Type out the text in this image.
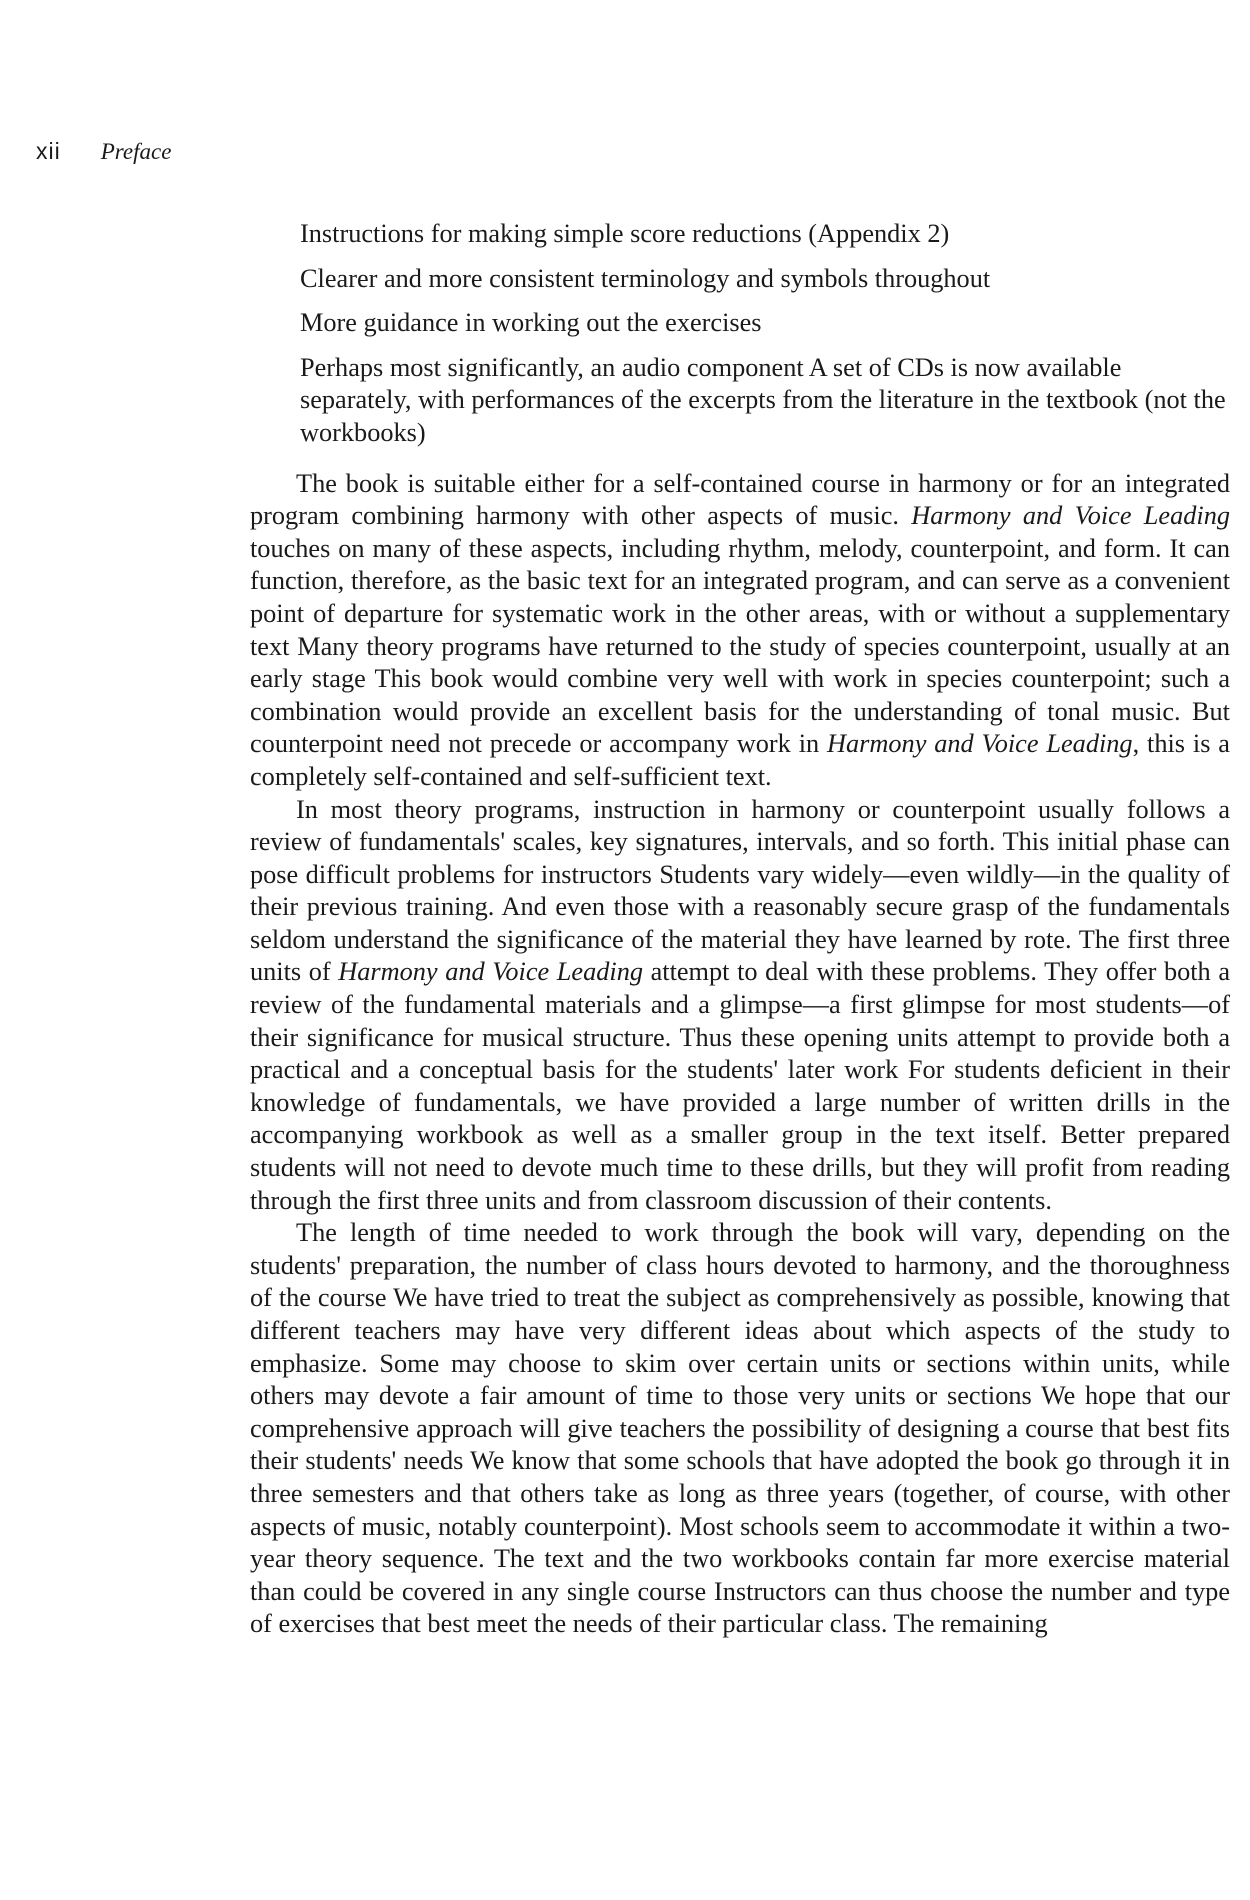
xii Preface
Instructions for making simple score reductions (Appendix 2)
Clearer and more consistent terminology and symbols throughout
More guidance in working out the exercises
Perhaps most significantly, an audio component A set of CDs is now available separately, with performances of the excerpts from the literature in the textbook (not the workbooks)

The book is suitable either for a self-contained course in harmony or for an integrated program combining harmony with other aspects of music. Harmony and Voice Leading touches on many of these aspects, including rhythm, melody, counterpoint, and form. It can function, therefore, as the basic text for an integrated program, and can serve as a convenient point of departure for systematic work in the other areas, with or without a supplementary text Many theory programs have returned to the study of species counterpoint, usually at an early stage This book would combine very well with work in species counterpoint; such a combination would provide an excellent basis for the understanding of tonal music. But counterpoint need not precede or accompany work in Harmony and Voice Leading, this is a completely self-contained and self-sufficient text.

In most theory programs, instruction in harmony or counterpoint usually follows a review of fundamentals' scales, key signatures, intervals, and so forth. This initial phase can pose difficult problems for instructors Students vary widely—even wildly—in the quality of their previous training. And even those with a reasonably secure grasp of the fundamentals seldom understand the significance of the material they have learned by rote. The first three units of Harmony and Voice Leading attempt to deal with these problems. They offer both a review of the fundamental materials and a glimpse—a first glimpse for most students—of their significance for musical structure. Thus these opening units attempt to provide both a practical and a conceptual basis for the students' later work For students deficient in their knowledge of fundamentals, we have provided a large number of written drills in the accompanying workbook as well as a smaller group in the text itself. Better prepared students will not need to devote much time to these drills, but they will profit from reading through the first three units and from classroom discussion of their contents.

The length of time needed to work through the book will vary, depending on the students' preparation, the number of class hours devoted to harmony, and the thoroughness of the course We have tried to treat the subject as comprehensively as possible, knowing that different teachers may have very different ideas about which aspects of the study to emphasize. Some may choose to skim over certain units or sections within units, while others may devote a fair amount of time to those very units or sections We hope that our comprehensive approach will give teachers the possibility of designing a course that best fits their students' needs We know that some schools that have adopted the book go through it in three semesters and that others take as long as three years (together, of course, with other aspects of music, notably counterpoint). Most schools seem to accommodate it within a two-year theory sequence. The text and the two workbooks contain far more exercise material than could be covered in any single course Instructors can thus choose the number and type of exercises that best meet the needs of their particular class. The remaining
